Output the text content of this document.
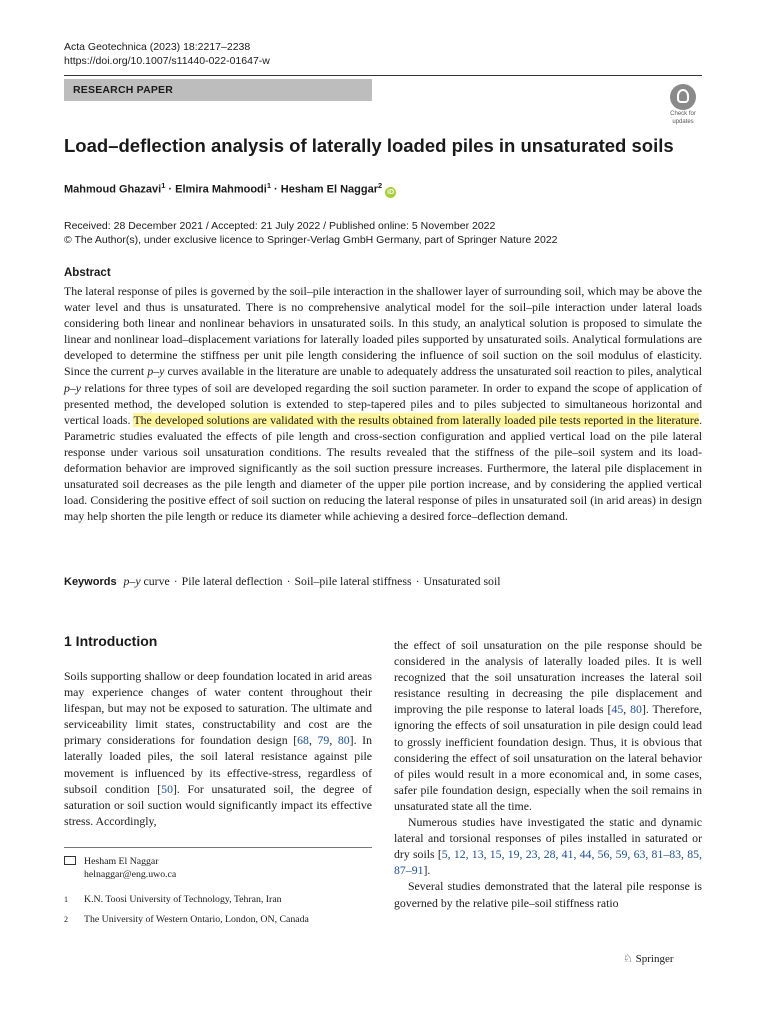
Acta Geotechnica (2023) 18:2217–2238
https://doi.org/10.1007/s11440-022-01647-w
RESEARCH PAPER
Check for
updates
Load–deflection analysis of laterally loaded piles in unsaturated soils
Mahmoud Ghazavi$^1$ · Elmira Mahmoodi$^1$ · Hesham El Naggar$^2$iD
Received: 28 December 2021 / Accepted: 21 July 2022 / Published online: 5 November 2022
© The Author(s), under exclusive licence to Springer-Verlag GmbH Germany, part of Springer Nature 2022
Abstract
The lateral response of piles is governed by the soil–pile interaction in the shallower layer of surrounding soil, which may be above the water level and thus is unsaturated. There is no comprehensive analytical model for the soil–pile interaction under lateral loads considering both linear and nonlinear behaviors in unsaturated soils. In this study, an analytical solution is proposed to simulate the linear and nonlinear load–displacement variations for laterally loaded piles supported by unsaturated soils. Analytical formulations are developed to determine the stiffness per unit pile length considering the influence of soil suction on the soil modulus of elasticity. Since the current p–y curves available in the literature are unable to adequately address the unsaturated soil reaction to piles, analytical p–y relations for three types of soil are developed regarding the soil suction parameter. In order to expand the scope of application of presented method, the developed solution is extended to step-tapered piles and to piles subjected to simultaneous horizontal and vertical loads. The developed solutions are validated with the results obtained from laterally loaded pile tests reported in the literature. Parametric studies evaluated the effects of pile length and cross-section configuration and applied vertical load on the pile lateral response under various soil unsaturation conditions. The results revealed that the stiffness of the pile–soil system and its load-deformation behavior are improved significantly as the soil suction pressure increases. Furthermore, the lateral pile displacement in unsaturated soil decreases as the pile length and diameter of the upper pile portion increase, and by considering the applied vertical load. Considering the positive effect of soil suction on reducing the lateral response of piles in unsaturated soil (in arid areas) in design may help shorten the pile length or reduce its diameter while achieving a desired force–deflection demand.
Keywords p–y curve · Pile lateral deflection · Soil–pile lateral stiffness · Unsaturated soil
1 Introduction

Soils supporting shallow or deep foundation located in arid areas may experience changes of water content throughout their lifespan, but may not be exposed to saturation. The ultimate and serviceability limit states, constructability and cost are the primary considerations for foundation design [68, 79, 80]. In laterally loaded piles, the soil lateral resistance against pile movement is influenced by its effective-stress, regardless of subsoil condition [50]. For unsaturated soil, the degree of saturation or soil suction would significantly impact its effective stress. Accordingly,

the effect of soil unsaturation on the pile response should be considered in the analysis of laterally loaded piles. It is well recognized that the soil unsaturation increases the lateral soil resistance resulting in decreasing the pile displacement and improving the pile response to lateral loads [45, 80]. Therefore, ignoring the effects of soil unsaturation in pile design could lead to grossly inefficient foundation design. Thus, it is obvious that considering the effect of soil unsaturation on the lateral behavior of piles would result in a more economical and, in some cases, safer pile foundation design, especially when the soil remains in unsaturated state all the time.

Numerous studies have investigated the static and dynamic lateral and torsional responses of piles installed in saturated or dry soils [5, 12, 13, 15, 19, 23, 28, 41, 44, 56, 59, 63, 81–83, 85, 87–91].

Several studies demonstrated that the lateral pile response is governed by the relative pile–soil stiffness ratio

Hesham El Naggar
helnaggar@eng.uwo.ca
1	K.N. Toosi University of Technology, Tehran, Iran
2	The University of Western Ontario, London, ON, Canada
♘ Springer
